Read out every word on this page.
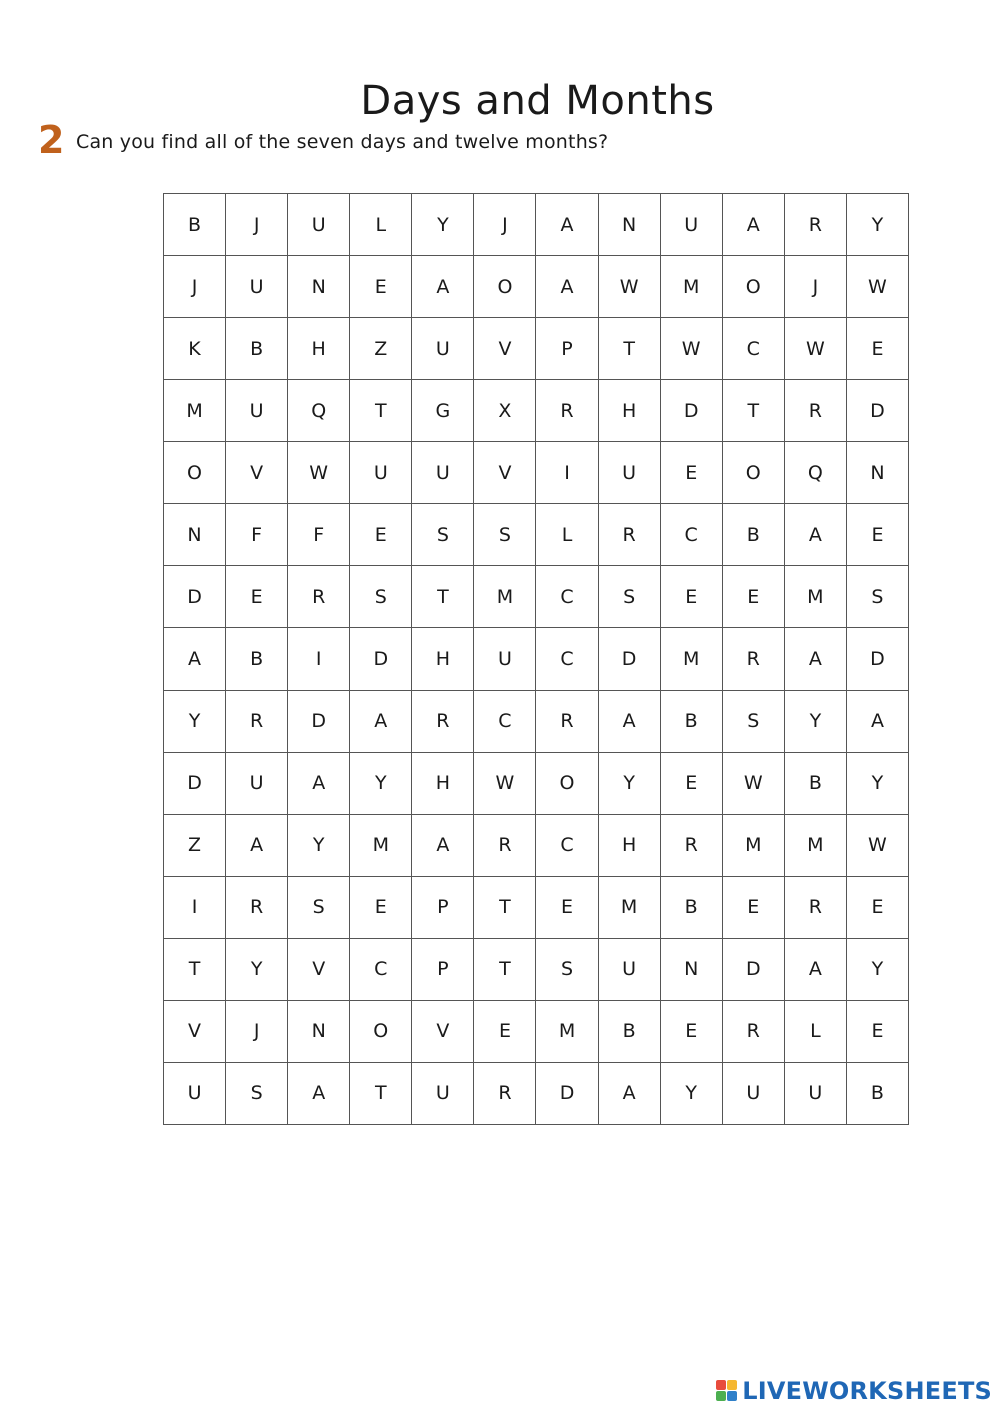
Days and Months
2 Can you find all of the seven days and twelve months?
B	J	U	L	Y	J	A	N	U	A	R	Y
J	U	N	E	A	O	A	W	M	O	J	W
K	B	H	Z	U	V	P	T	W	C	W	E
M	U	Q	T	G	X	R	H	D	T	R	D
O	V	W	U	U	V	I	U	E	O	Q	N
N	F	F	E	S	S	L	R	C	B	A	E
D	E	R	S	T	M	C	S	E	E	M	S
A	B	I	D	H	U	C	D	M	R	A	D
Y	R	D	A	R	C	R	A	B	S	Y	A
D	U	A	Y	H	W	O	Y	E	W	B	Y
Z	A	Y	M	A	R	C	H	R	M	M	W
I	R	S	E	P	T	E	M	B	E	R	E
T	Y	V	C	P	T	S	U	N	D	A	Y
V	J	N	O	V	E	M	B	E	R	L	E
U	S	A	T	U	R	D	A	Y	U	U	B
LIVEWORKSHEETS
